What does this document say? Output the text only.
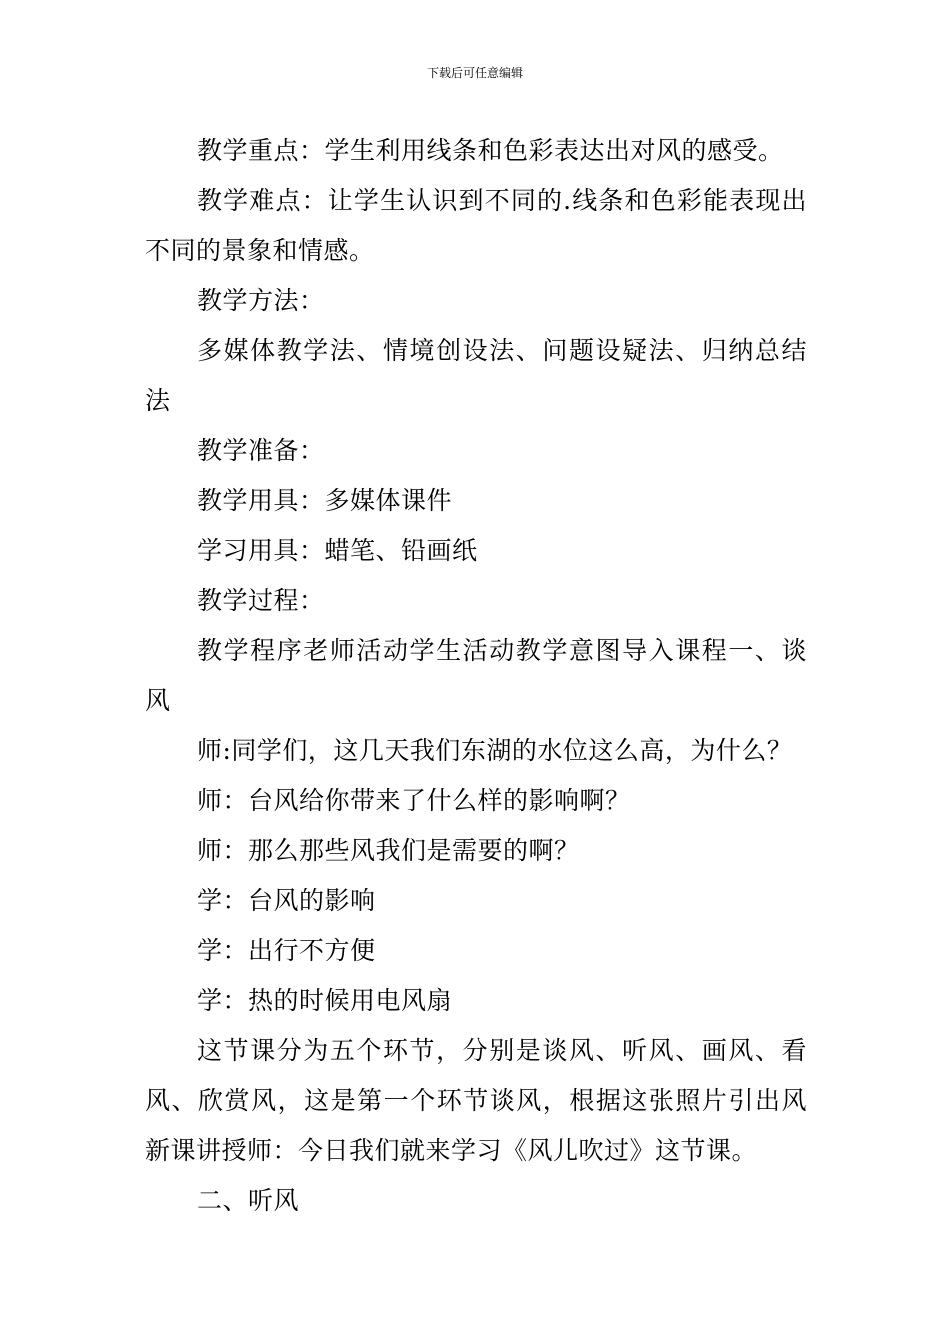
下载后可任意编辑

教学重点：学生利用线条和色彩表达出对风的感受。

教学难点：让学生认识到不同的.线条和色彩能表现出不同的景象和情感。

教学方法：

多媒体教学法、情境创设法、问题设疑法、归纳总结法

教学准备：

教学用具：多媒体课件

学习用具：蜡笔、铅画纸

教学过程：

教学程序老师活动学生活动教学意图导入课程一、谈风

师:同学们，这几天我们东湖的水位这么高，为什么？

师：台风给你带来了什么样的影响啊？

师：那么那些风我们是需要的啊？

学：台风的影响

学：出行不方便

学：热的时候用电风扇

这节课分为五个环节，分别是谈风、听风、画风、看风、欣赏风，这是第一个环节谈风，根据这张照片引出风新课讲授师：今日我们就来学习《风儿吹过》这节课。

二、听风
